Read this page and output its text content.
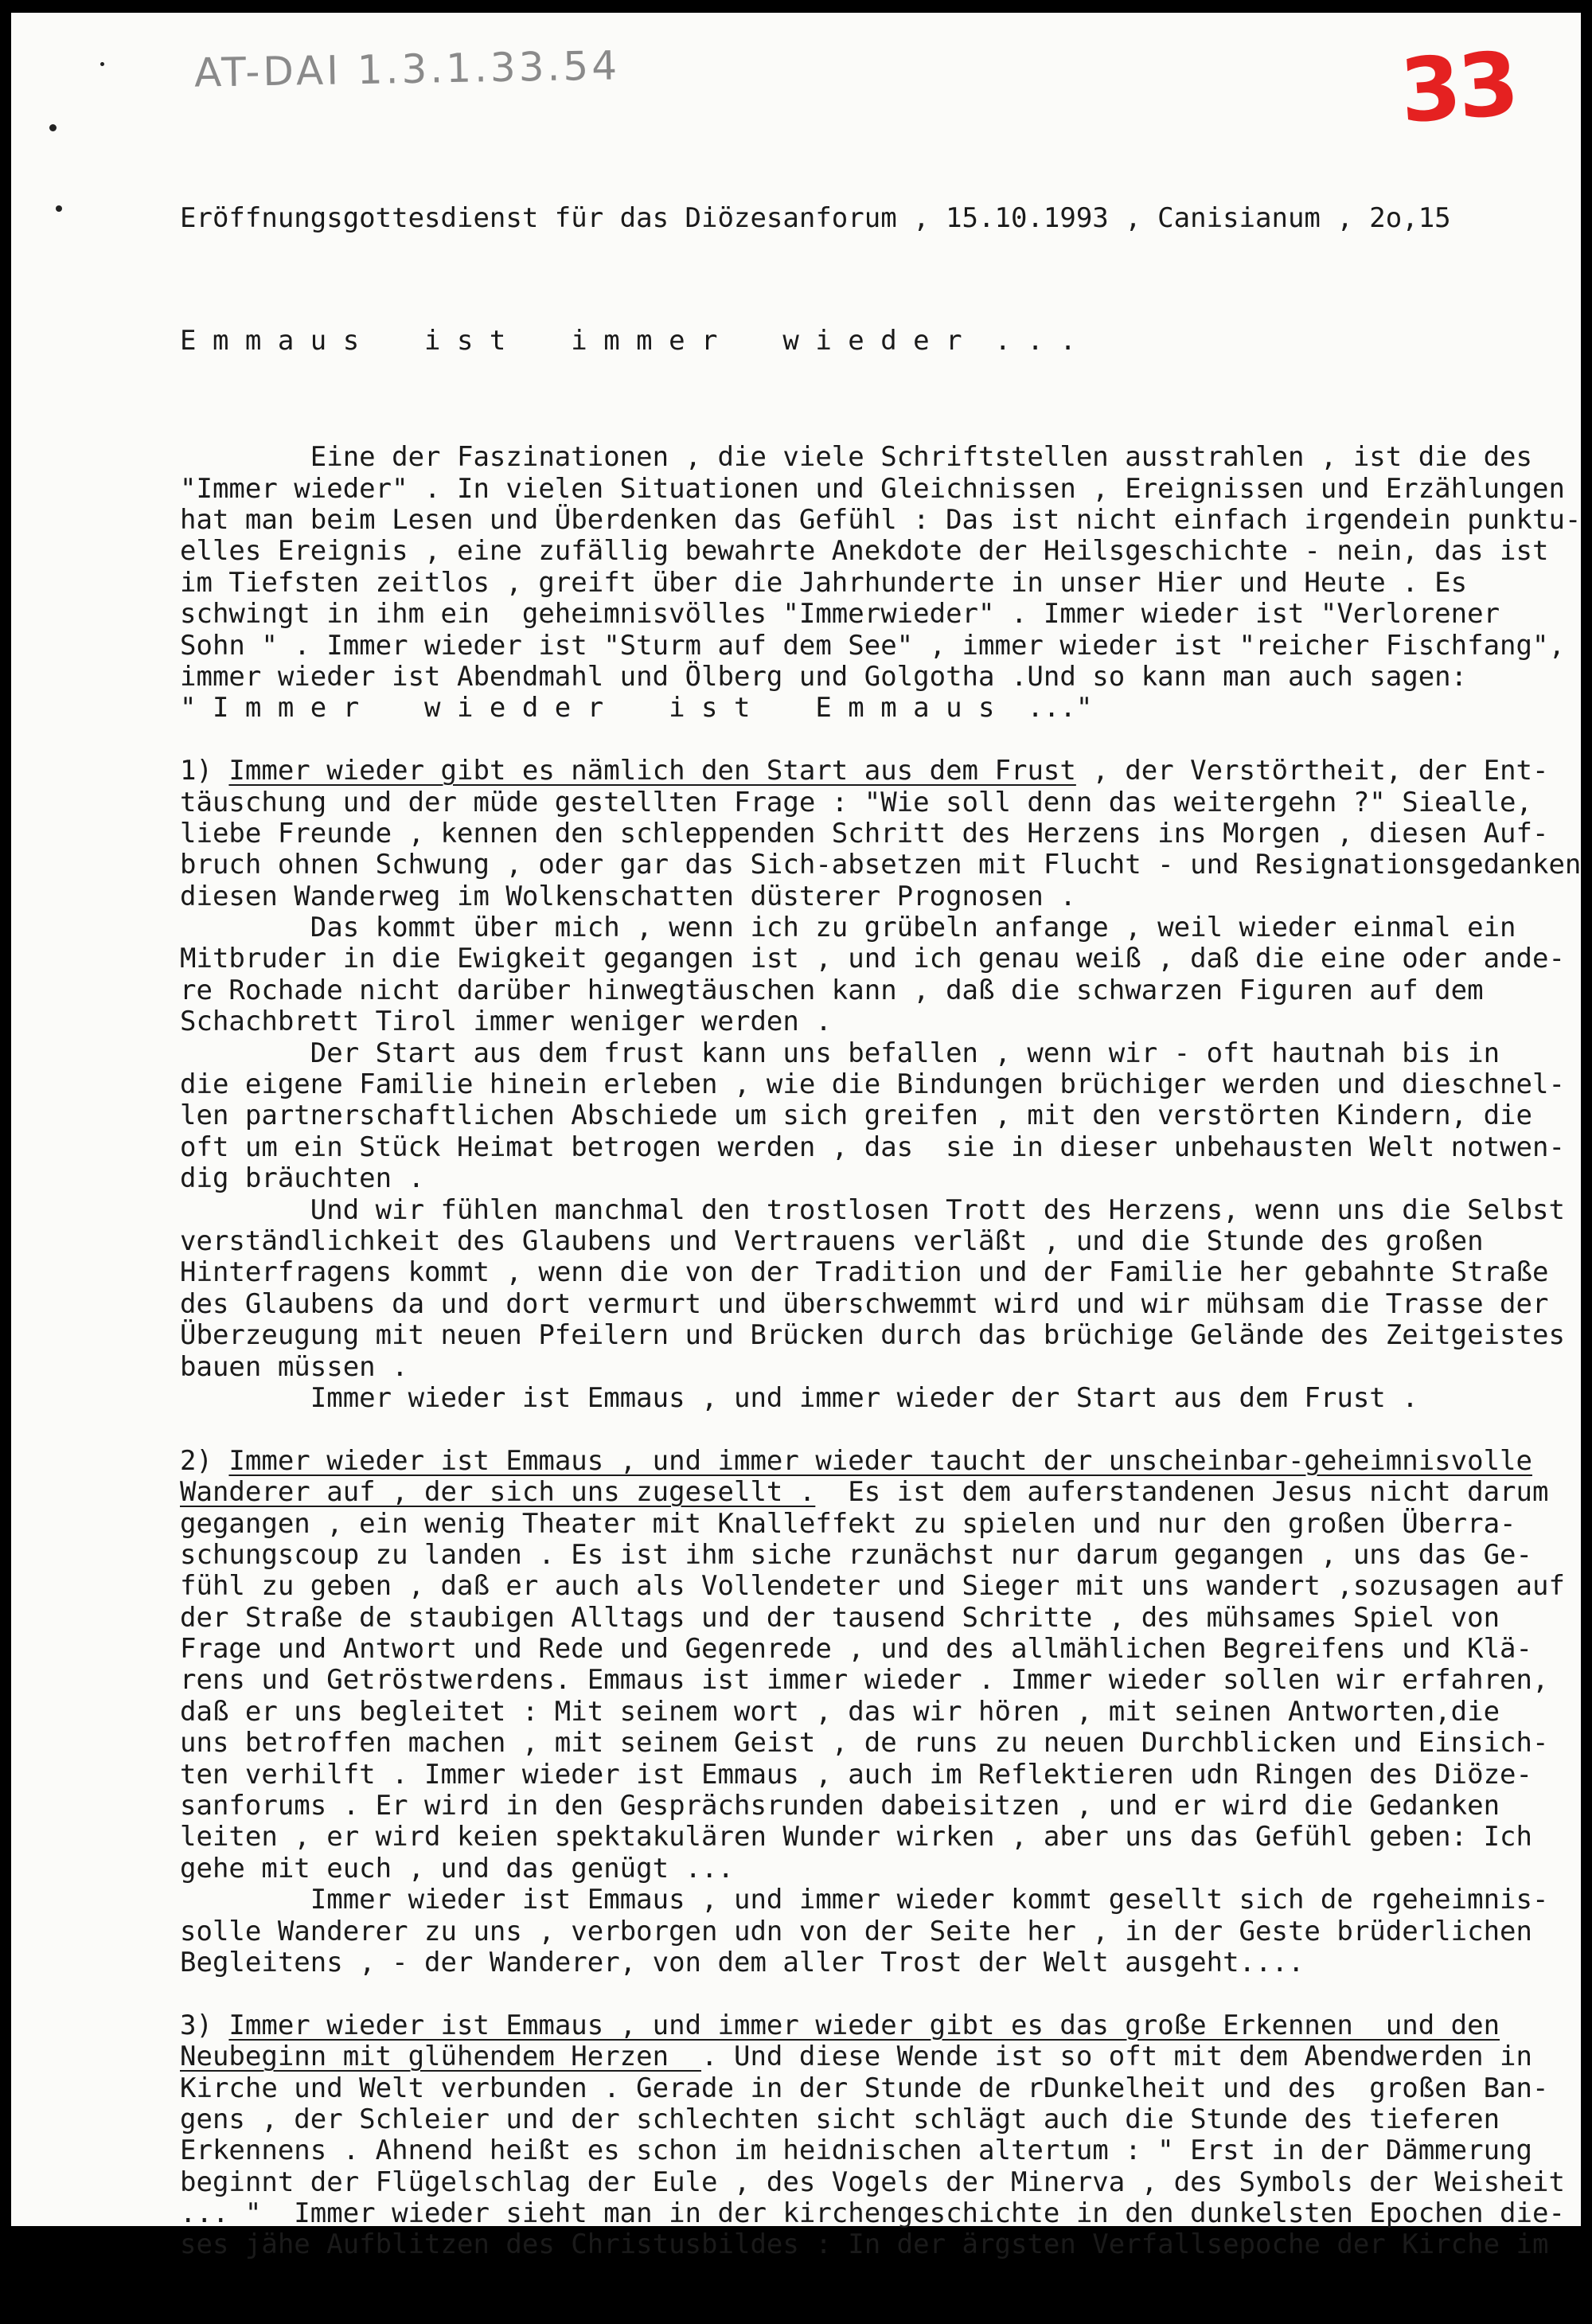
AT-DAI 1.3.1.33.54	33

Eröffnungsgottesdienst für das Diözesanforum , 15.10.1993 , Canisianum , 2o,15

E m m a u s    i s t    i m m e r    w i e d e r  . . .

Eine der Faszinationen , die viele Schriftstellen ausstrahlen , ist die des
"Immer wieder" . In vielen Situationen und Gleichnissen , Ereignissen und Erzählungen
hat man beim Lesen und Überdenken das Gefühl : Das ist nicht einfach irgendein punktu-
elles Ereignis , eine zufällig bewahrte Anekdote der Heilsgeschichte - nein, das ist
im Tiefsten zeitlos , greift über die Jahrhunderte in unser Hier und Heute . Es
schwingt in ihm ein  geheimnisvölles "Immerwieder" . Immer wieder ist "Verlorener
Sohn " . Immer wieder ist "Sturm auf dem See" , immer wieder ist "reicher Fischfang",
immer wieder ist Abendmahl und Ölberg und Golgotha .Und so kann man auch sagen:
" I m m e r    w i e d e r    i s t    E m m a u s  ..."
1) Immer wieder gibt es nämlich den Start aus dem Frust , der Verstörtheit, der Ent-
täuschung und der müde gestellten Frage : "Wie soll denn das weitergehn ?" Siealle,
liebe Freunde , kennen den schleppenden Schritt des Herzens ins Morgen , diesen Auf-
bruch ohnen Schwung , oder gar das Sich-absetzen mit Flucht - und Resignationsgedanken
diesen Wanderweg im Wolkenschatten düsterer Prognosen .
Das kommt über mich , wenn ich zu grübeln anfange , weil wieder einmal ein
Mitbruder in die Ewigkeit gegangen ist , und ich genau weiß , daß die eine oder ande-
re Rochade nicht darüber hinwegtäuschen kann , daß die schwarzen Figuren auf dem
Schachbrett Tirol immer weniger werden .
Der Start aus dem frust kann uns befallen , wenn wir - oft hautnah bis in
die eigene Familie hinein erleben , wie die Bindungen brüchiger werden und dieschnel-
len partnerschaftlichen Abschiede um sich greifen , mit den verstörten Kindern, die
oft um ein Stück Heimat betrogen werden , das  sie in dieser unbehausten Welt notwen-
dig bräuchten .
Und wir fühlen manchmal den trostlosen Trott des Herzens, wenn uns die Selbst
verständlichkeit des Glaubens und Vertrauens verläßt , und die Stunde des großen
Hinterfragens kommt , wenn die von der Tradition und der Familie her gebahnte Straße
des Glaubens da und dort vermurt und überschwemmt wird und wir mühsam die Trasse der
Überzeugung mit neuen Pfeilern und Brücken durch das brüchige Gelände des Zeitgeistes
bauen müssen .
Immer wieder ist Emmaus , und immer wieder der Start aus dem Frust .
2) Immer wieder ist Emmaus , und immer wieder taucht der unscheinbar-geheimnisvolle
Wanderer auf , der sich uns zugesellt .  Es ist dem auferstandenen Jesus nicht darum
gegangen , ein wenig Theater mit Knalleffekt zu spielen und nur den großen Überra-
schungscoup zu landen . Es ist ihm siche rzunächst nur darum gegangen , uns das Ge-
fühl zu geben , daß er auch als Vollendeter und Sieger mit uns wandert ,sozusagen auf
der Straße de staubigen Alltags und der tausend Schritte , des mühsames Spiel von
Frage und Antwort und Rede und Gegenrede , und des allmählichen Begreifens und Klä-
rens und Getröstwerdens. Emmaus ist immer wieder . Immer wieder sollen wir erfahren,
daß er uns begleitet : Mit seinem wort , das wir hören , mit seinen Antworten,die
uns betroffen machen , mit seinem Geist , de runs zu neuen Durchblicken und Einsich-
ten verhilft . Immer wieder ist Emmaus , auch im Reflektieren udn Ringen des Diöze-
sanforums . Er wird in den Gesprächsrunden dabeisitzen , und er wird die Gedanken
leiten , er wird keien spektakulären Wunder wirken , aber uns das Gefühl geben: Ich
gehe mit euch , und das genügt ...
Immer wieder ist Emmaus , und immer wieder kommt gesellt sich de rgeheimnis-
solle Wanderer zu uns , verborgen udn von der Seite her , in der Geste brüderlichen
Begleitens , - der Wanderer, von dem aller Trost der Welt ausgeht....
3) Immer wieder ist Emmaus , und immer wieder gibt es das große Erkennen  und den
Neubeginn mit glühendem Herzen  . Und diese Wende ist so oft mit dem Abendwerden in
Kirche und Welt verbunden . Gerade in der Stunde de rDunkelheit und des  großen Ban-
gens , der Schleier und der schlechten sicht schlägt auch die Stunde des tieferen
Erkennens . Ahnend heißt es schon im heidnischen altertum : " Erst in der Dämmerung
beginnt der Flügelschlag der Eule , des Vogels der Minerva , des Symbols der Weisheit
... "  Immer wieder sieht man in der kirchengeschichte in den dunkelsten Epochen die-
ses jähe Aufblitzen des Christusbildes : In der ärgsten Verfallsepoche der Kirche im
